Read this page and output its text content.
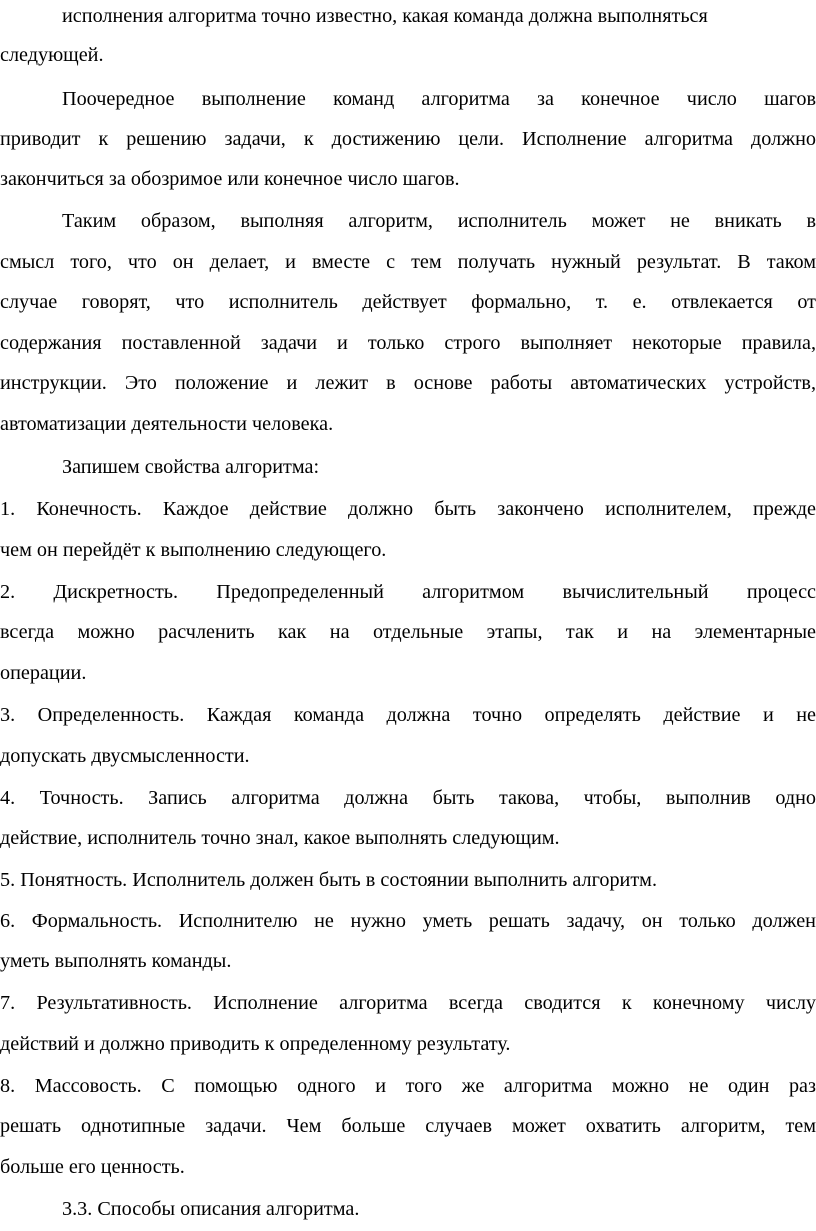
исполнения алгоритма точно известно, какая команда должна выполняться
следующей.
Поочередное выполнение команд алгоритма за конечное число шагов
приводит к решению задачи, к достижению цели. Исполнение алгоритма должно
закончиться за обозримое или конечное число шагов.
Таким образом, выполняя алгоритм, исполнитель может не вникать в
смысл того, что он делает, и вместе с тем получать нужный результат. В таком
случае говорят, что исполнитель действует формально, т. е. отвлекается от
содержания поставленной задачи и только строго выполняет некоторые правила,
инструкции. Это положение и лежит в основе работы автоматических устройств,
автоматизации деятельности человека.
Запишем свойства алгоритма:
1. Конечность. Каждое действие должно быть закончено исполнителем, прежде
чем он перейдёт к выполнению следующего.
2. Дискретность. Предопределенный алгоритмом вычислительный процесс
всегда можно расчленить как на отдельные этапы, так и на элементарные
операции.
3. Определенность. Каждая команда должна точно определять действие и не
допускать двусмысленности.
4. Точность. Запись алгоритма должна быть такова, чтобы, выполнив одно
действие, исполнитель точно знал, какое выполнять следующим.
5. Понятность. Исполнитель должен быть в состоянии выполнить алгоритм.
6. Формальность. Исполнителю не нужно уметь решать задачу, он только должен
уметь выполнять команды.
7. Результативность. Исполнение алгоритма всегда сводится к конечному числу
действий и должно приводить к определенному результату.
8. Массовость. С помощью одного и того же алгоритма можно не один раз
решать однотипные задачи. Чем больше случаев может охватить алгоритм, тем
больше его ценность.
3.3. Способы описания алгоритма.
